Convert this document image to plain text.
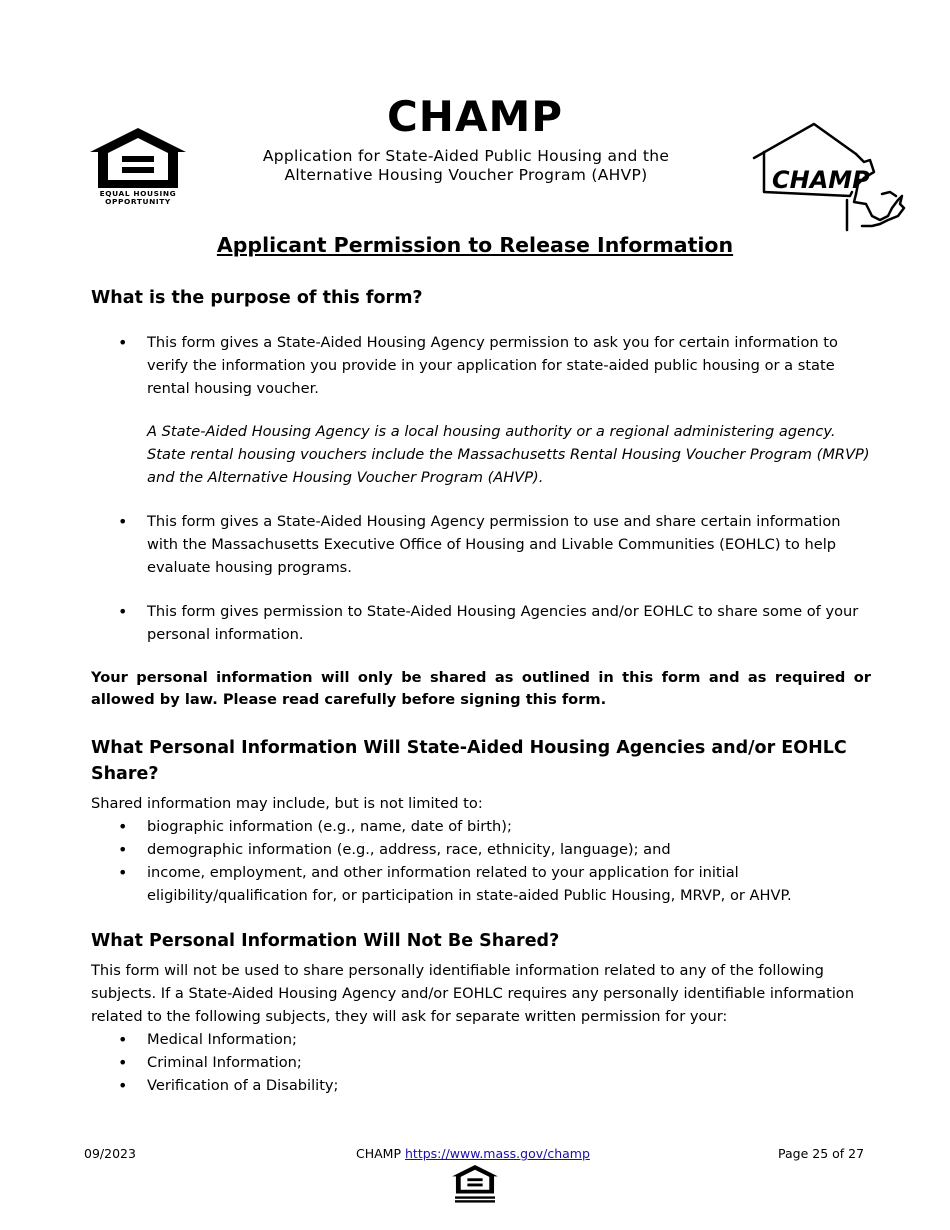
EQUAL HOUSING
OPPORTUNITY
CHAMP
Application for State-Aided Public Housing and the
Alternative Housing Voucher Program (AHVP)	CHAMP
Applicant Permission to Release Information
What is the purpose of this form?
• This form gives a State-Aided Housing Agency permission to ask you for certain information to verify the information you provide in your application for state-aided public housing or a state rental housing voucher.

A State-Aided Housing Agency is a local housing authority or a regional administering agency. State rental housing vouchers include the Massachusetts Rental Housing Voucher Program (MRVP) and the Alternative Housing Voucher Program (AHVP).

• This form gives a State-Aided Housing Agency permission to use and share certain information with the Massachusetts Executive Office of Housing and Livable Communities (EOHLC) to help evaluate housing programs.
• This form gives permission to State-Aided Housing Agencies and/or EOHLC to share some of your personal information.

Your personal information will only be shared as outlined in this form and as required or allowed by law. Please read carefully before signing this form.

What Personal Information Will State-Aided Housing Agencies and/or EOHLC Share?

Shared information may include, but is not limited to:

• biographic information (e.g., name, date of birth);
• demographic information (e.g., address, race, ethnicity, language); and
• income, employment, and other information related to your application for initial eligibility/qualification for, or participation in state-aided Public Housing, MRVP, or AHVP.
What Personal Information Will Not Be Shared?

This form will not be used to share personally identifiable information related to any of the following subjects. If a State-Aided Housing Agency and/or EOHLC requires any personally identifiable information related to the following subjects, they will ask for separate written permission for your:

• Medical Information;
• Criminal Information;
• Verification of a Disability;
09/2023	CHAMP https://www.mass.gov/champ	Page 25 of 27
